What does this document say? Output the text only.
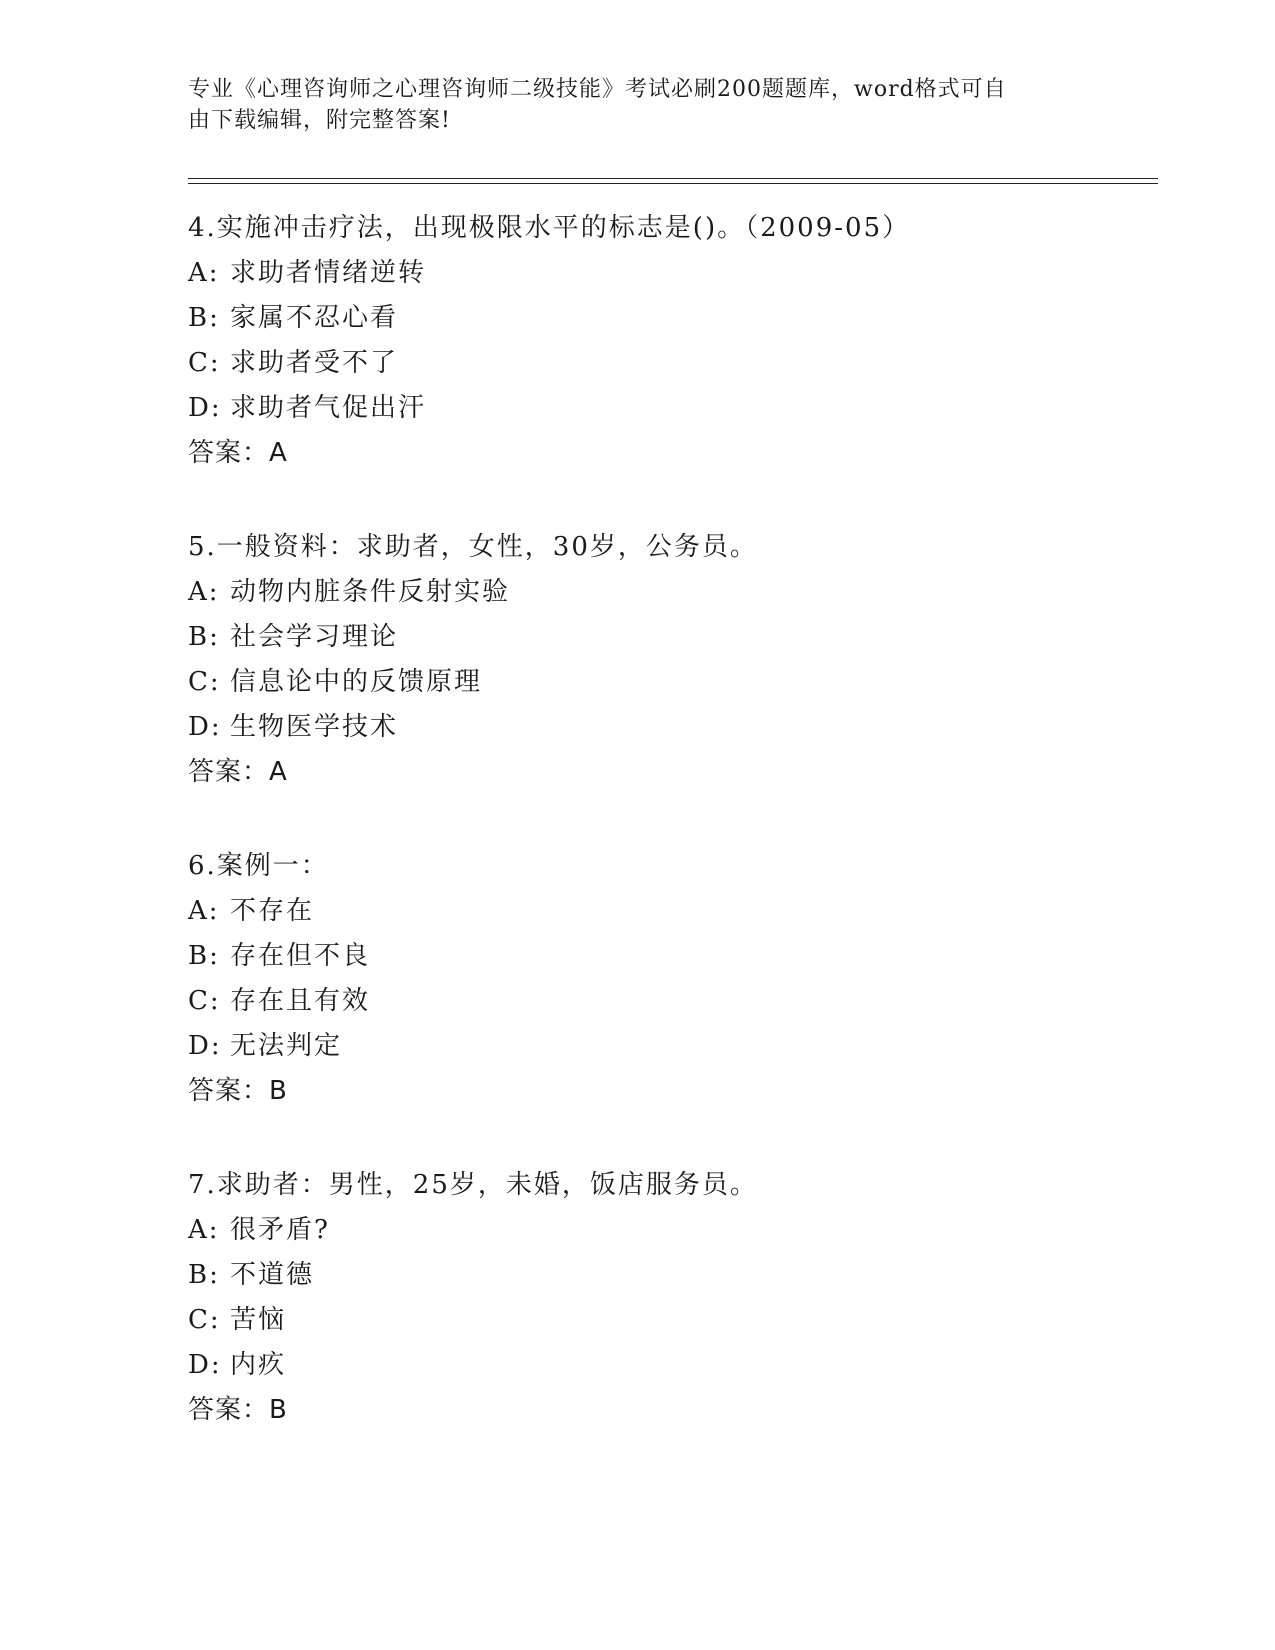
专业《心理咨询师之心理咨询师二级技能》考试必刷200题题库，word格式可自
由下载编辑，附完整答案!
4.实施冲击疗法，出现极限水平的标志是()。（2009-05）
A: 求助者情绪逆转
B: 家属不忍心看
C: 求助者受不了
D: 求助者气促出汗
答案：A
5.一般资料：求助者，女性，30岁，公务员。
A: 动物内脏条件反射实验
B: 社会学习理论
C: 信息论中的反馈原理
D: 生物医学技术
答案：A
6.案例一：
A: 不存在
B: 存在但不良
C: 存在且有效
D: 无法判定
答案：B
7.求助者：男性，25岁，未婚，饭店服务员。
A: 很矛盾?
B: 不道德
C: 苦恼
D: 内疚
答案：B
